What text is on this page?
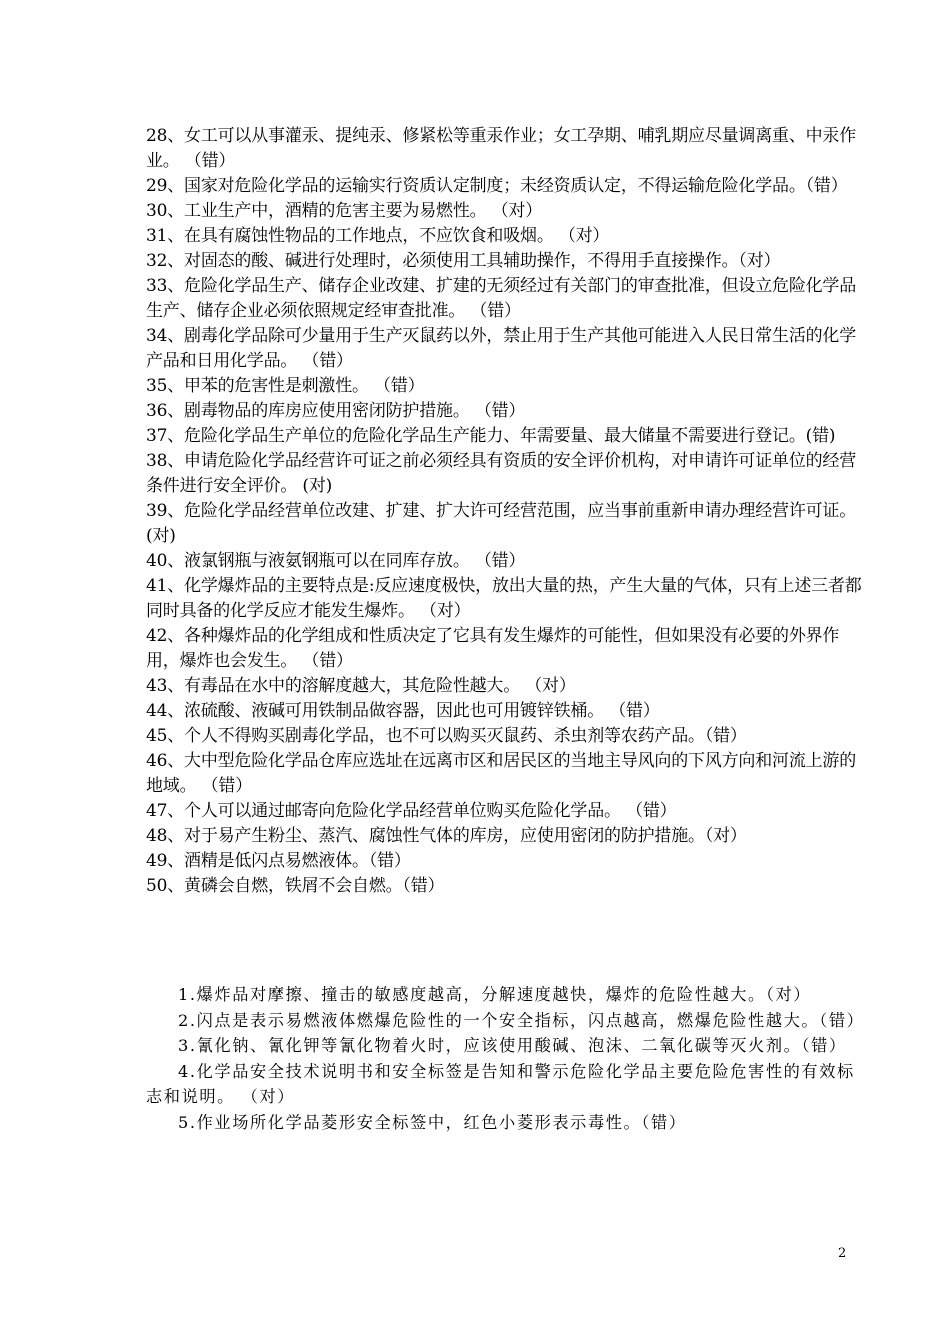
28、女工可以从事灌汞、提纯汞、修紧松等重汞作业；女工孕期、哺乳期应尽量调离重、中汞作业。 （错）

29、国家对危险化学品的运输实行资质认定制度；未经资质认定，不得运输危险化学品。（错）

30、工业生产中，酒精的危害主要为易燃性。 （对）

31、在具有腐蚀性物品的工作地点，不应饮食和吸烟。 （对）

32、对固态的酸、碱进行处理时，必须使用工具辅助操作，不得用手直接操作。（对）

33、危险化学品生产、储存企业改建、扩建的无须经过有关部门的审查批准，但设立危险化学品生产、储存企业必须依照规定经审查批准。 （错）

34、剧毒化学品除可少量用于生产灭鼠药以外，禁止用于生产其他可能进入人民日常生活的化学产品和日用化学品。 （错）

35、甲苯的危害性是刺激性。 （错）

36、剧毒物品的库房应使用密闭防护措施。 （错）

37、危险化学品生产单位的危险化学品生产能力、年需要量、最大储量不需要进行登记。(错)

38、申请危险化学品经营许可证之前必须经具有资质的安全评价机构，对申请许可证单位的经营条件进行安全评价。 (对)

39、危险化学品经营单位改建、扩建、扩大许可经营范围，应当事前重新申请办理经营许可证。 (对)

40、液氯钢瓶与液氨钢瓶可以在同库存放。 （错）

41、化学爆炸品的主要特点是:反应速度极快，放出大量的热，产生大量的气体，只有上述三者都同时具备的化学反应才能发生爆炸。 （对）

42、各种爆炸品的化学组成和性质决定了它具有发生爆炸的可能性，但如果没有必要的外界作用，爆炸也会发生。 （错）

43、有毒品在水中的溶解度越大，其危险性越大。 （对）

44、浓硫酸、液碱可用铁制品做容器，因此也可用镀锌铁桶。 （错）

45、个人不得购买剧毒化学品，也不可以购买灭鼠药、杀虫剂等农药产品。（错）

46、大中型危险化学品仓库应选址在远离市区和居民区的当地主导风向的下风方向和河流上游的地域。 （错）

47、个人可以通过邮寄向危险化学品经营单位购买危险化学品。 （错）

48、对于易产生粉尘、蒸汽、腐蚀性气体的库房，应使用密闭的防护措施。（对）

49、酒精是低闪点易燃液体。（错）

50、黄磷会自燃，铁屑不会自燃。（错）

1.爆炸品对摩擦、撞击的敏感度越高，分解速度越快，爆炸的危险性越大。（对）

2.闪点是表示易燃液体燃爆危险性的一个安全指标，闪点越高，燃爆危险性越大。（错）

3.氰化钠、氰化钾等氰化物着火时，应该使用酸碱、泡沫、二氧化碳等灭火剂。（错）

4.化学品安全技术说明书和安全标签是告知和警示危险化学品主要危险危害性的有效标志和说明。 （对）

5.作业场所化学品菱形安全标签中，红色小菱形表示毒性。（错）

2
